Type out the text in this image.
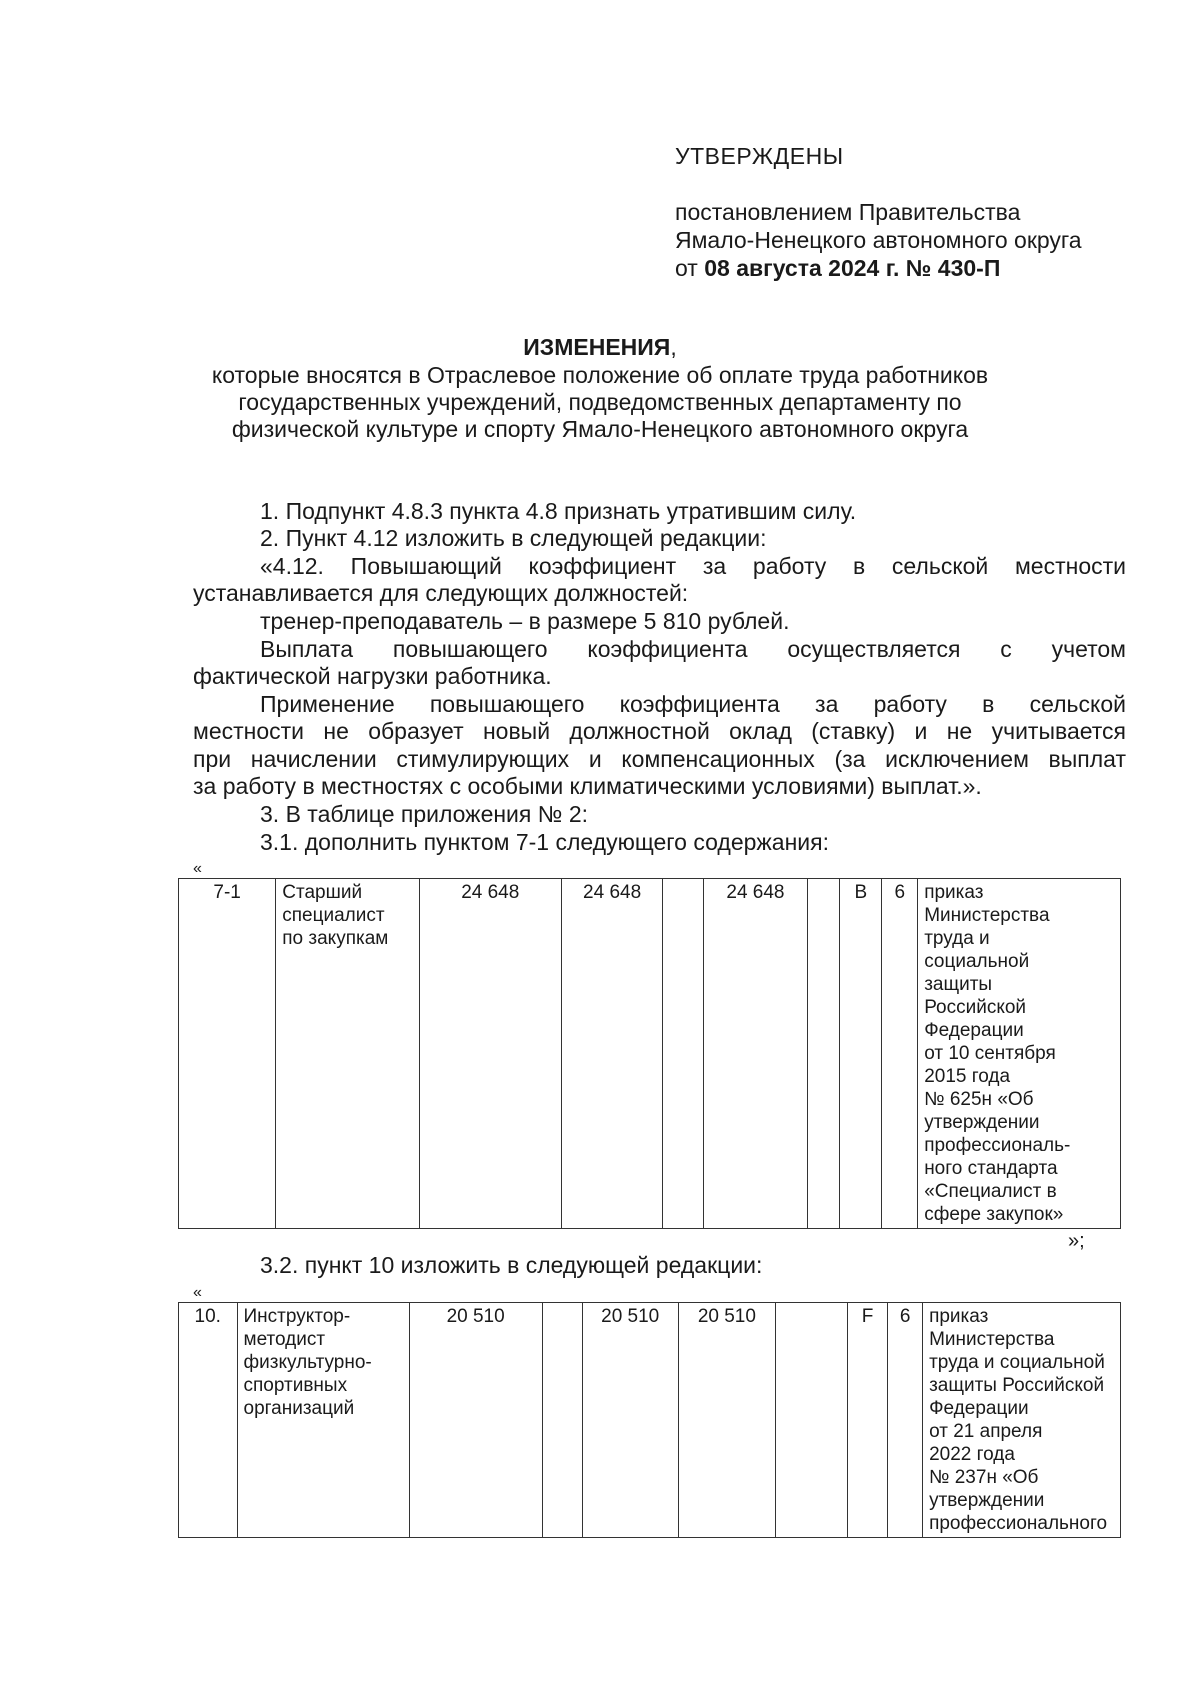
УТВЕРЖДЕНЫ
постановлением Правительства
Ямало-Ненецкого автономного округа
от 08 августа 2024 г. № 430-П
ИЗМЕНЕНИЯ,
которые вносятся в Отраслевое положение об оплате труда работников
государственных учреждений, подведомственных департаменту по
физической культуре и спорту Ямало-Ненецкого автономного округа
1. Подпункт 4.8.3 пункта 4.8 признать утратившим силу.
2. Пункт 4.12 изложить в следующей редакции:
«4.12. Повышающий коэффициент за работу в сельской местности
устанавливается для следующих должностей:
тренер-преподаватель – в размере 5 810 рублей.
Выплата повышающего коэффициента осуществляется с учетом
фактической нагрузки работника.
Применение повышающего коэффициента за работу в сельской
местности не образует новый должностной оклад (ставку) и не учитывается
при начислении стимулирующих и компенсационных (за исключением выплат
за работу в местностях с особыми климатическими условиями) выплат.».
3. В таблице приложения № 2:
3.1. дополнить пунктом 7-1 следующего содержания:
«
7-1	Старший
специалист
по закупкам
	24 648	24 648		24 648		В	6	приказ
Министерства
труда и
социальной
защиты
Российской
Федерации
от 10 сентября
2015 года
№ 625н «Об
утверждении
профессиональ-
ного стандарта
«Специалист в
сфере закупок»
»;
3.2. пункт 10 изложить в следующей редакции:
«
10.	Инструктор-
методист
физкультурно-
спортивных
организаций
	20 510		20 510	20 510		F	6	приказ
Министерства
труда и социальной
защиты Российской
Федерации
от 21 апреля
2022 года
№ 237н «Об
утверждении
профессионального
